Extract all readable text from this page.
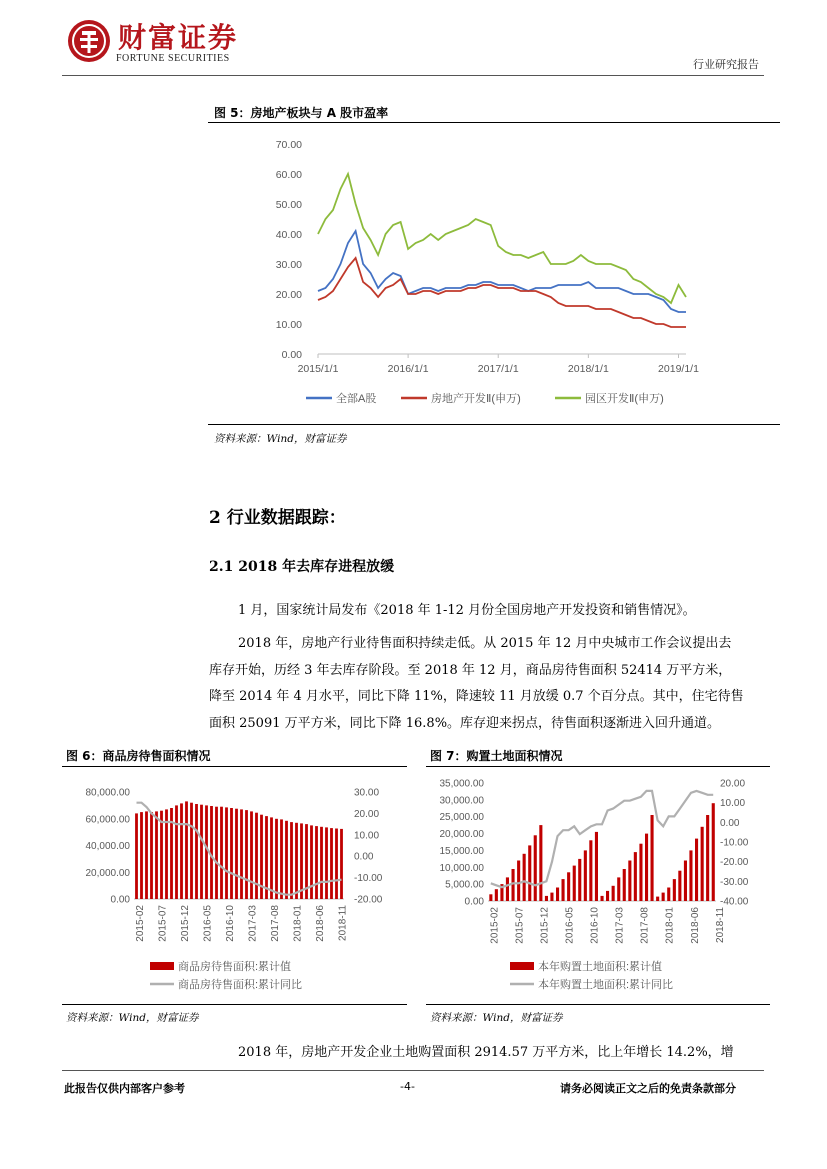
财富证券
FORTUNE SECURITIES	行业研究报告
图 5：房地产板块与 A 股市盈率
0.00
10.00
20.00
30.00
40.00
50.00
60.00
70.00
2015/1/1	2016/1/1	2017/1/1	2018/1/1	2019/1/1
全部A股	房地产开发Ⅱ(申万)	园区开发Ⅱ(申万)
资料来源：Wind，财富证券
2 行业数据跟踪：
2.1 2018 年去库存进程放缓
1 月，国家统计局发布《2018 年 1-12 月份全国房地产开发投资和销售情况》。
2018 年，房地产行业待售面积持续走低。从 2015 年 12 月中央城市工作会议提出去
库存开始，历经 3 年去库存阶段。至 2018 年 12 月，商品房待售面积 52414 万平方米，
降至 2014 年 4 月水平，同比下降 11%，降速较 11 月放缓 0.7 个百分点。其中，住宅待售
面积 25091 万平方米，同比下降 16.8%。库存迎来拐点，待售面积逐渐进入回升通道。
图 6：商品房待售面积情况	图 7：购置土地面积情况
0.00
20,000.00
40,000.00
60,000.00
80,000.00
-20.00
-10.00
0.00
10.00
20.00
30.00
2015-02 2015-07 2015-12 2016-05 2016-10 2017-03 2017-08 2018-01 2018-06 2018-11
商品房待售面积:累计值
商品房待售面积:累计同比
0.00
5,000.00
10,000.00
15,000.00
20,000.00
25,000.00
30,000.00
35,000.00
-40.00
-30.00
-20.00
-10.00
0.00
10.00
20.00
2015-02 2015-07 2015-12 2016-05 2016-10 2017-03 2017-08 2018-01 2018-06 2018-11
本年购置土地面积:累计值
本年购置土地面积:累计同比
资料来源：Wind，财富证券	资料来源：Wind，财富证券
2018 年，房地产开发企业土地购置面积 2914.57 万平方米，比上年增长 14.2%，增
此报告仅供内部客户参考	-4-	请务必阅读正文之后的免责条款部分
